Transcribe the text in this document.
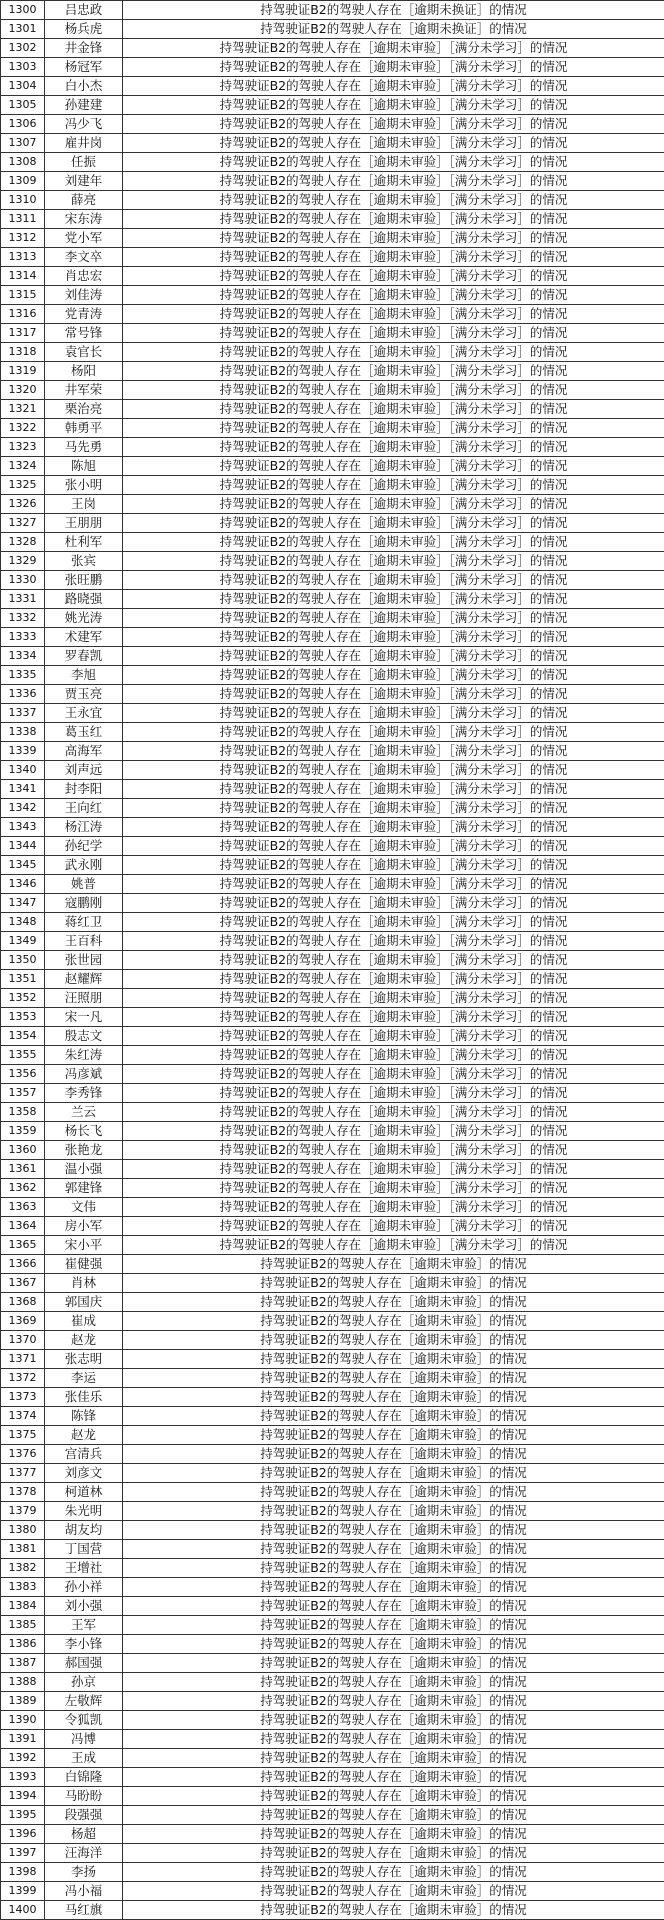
1300	吕忠政	持驾驶证B2的驾驶人存在［逾期未换证］的情况
1301	杨兵虎	持驾驶证B2的驾驶人存在［逾期未换证］的情况
1302	井金锋	持驾驶证B2的驾驶人存在［逾期未审验］［满分未学习］的情况
1303	杨冠军	持驾驶证B2的驾驶人存在［逾期未审验］［满分未学习］的情况
1304	白小杰	持驾驶证B2的驾驶人存在［逾期未审验］［满分未学习］的情况
1305	孙建建	持驾驶证B2的驾驶人存在［逾期未审验］［满分未学习］的情况
1306	冯少飞	持驾驶证B2的驾驶人存在［逾期未审验］［满分未学习］的情况
1307	雇井岗	持驾驶证B2的驾驶人存在［逾期未审验］［满分未学习］的情况
1308	任振	持驾驶证B2的驾驶人存在［逾期未审验］［满分未学习］的情况
1309	刘建年	持驾驶证B2的驾驶人存在［逾期未审验］［满分未学习］的情况
1310	薛亮	持驾驶证B2的驾驶人存在［逾期未审验］［满分未学习］的情况
1311	宋东涛	持驾驶证B2的驾驶人存在［逾期未审验］［满分未学习］的情况
1312	党小军	持驾驶证B2的驾驶人存在［逾期未审验］［满分未学习］的情况
1313	李文卒	持驾驶证B2的驾驶人存在［逾期未审验］［满分未学习］的情况
1314	肖忠宏	持驾驶证B2的驾驶人存在［逾期未审验］［满分未学习］的情况
1315	刘佳涛	持驾驶证B2的驾驶人存在［逾期未审验］［满分未学习］的情况
1316	党青涛	持驾驶证B2的驾驶人存在［逾期未审验］［满分未学习］的情况
1317	常号锋	持驾驶证B2的驾驶人存在［逾期未审验］［满分未学习］的情况
1318	袁官长	持驾驶证B2的驾驶人存在［逾期未审验］［满分未学习］的情况
1319	杨阳	持驾驶证B2的驾驶人存在［逾期未审验］［满分未学习］的情况
1320	井军荣	持驾驶证B2的驾驶人存在［逾期未审验］［满分未学习］的情况
1321	栗治亮	持驾驶证B2的驾驶人存在［逾期未审验］［满分未学习］的情况
1322	韩勇平	持驾驶证B2的驾驶人存在［逾期未审验］［满分未学习］的情况
1323	马先勇	持驾驶证B2的驾驶人存在［逾期未审验］［满分未学习］的情况
1324	陈旭	持驾驶证B2的驾驶人存在［逾期未审验］［满分未学习］的情况
1325	张小明	持驾驶证B2的驾驶人存在［逾期未审验］［满分未学习］的情况
1326	王岗	持驾驶证B2的驾驶人存在［逾期未审验］［满分未学习］的情况
1327	王朋朋	持驾驶证B2的驾驶人存在［逾期未审验］［满分未学习］的情况
1328	杜利军	持驾驶证B2的驾驶人存在［逾期未审验］［满分未学习］的情况
1329	张宾	持驾驶证B2的驾驶人存在［逾期未审验］［满分未学习］的情况
1330	张旺鹏	持驾驶证B2的驾驶人存在［逾期未审验］［满分未学习］的情况
1331	路晓强	持驾驶证B2的驾驶人存在［逾期未审验］［满分未学习］的情况
1332	姚光涛	持驾驶证B2的驾驶人存在［逾期未审验］［满分未学习］的情况
1333	术建军	持驾驶证B2的驾驶人存在［逾期未审验］［满分未学习］的情况
1334	罗春凯	持驾驶证B2的驾驶人存在［逾期未审验］［满分未学习］的情况
1335	李旭	持驾驶证B2的驾驶人存在［逾期未审验］［满分未学习］的情况
1336	贾玉亮	持驾驶证B2的驾驶人存在［逾期未审验］［满分未学习］的情况
1337	王永宜	持驾驶证B2的驾驶人存在［逾期未审验］［满分未学习］的情况
1338	葛玉红	持驾驶证B2的驾驶人存在［逾期未审验］［满分未学习］的情况
1339	高海军	持驾驶证B2的驾驶人存在［逾期未审验］［满分未学习］的情况
1340	刘声远	持驾驶证B2的驾驶人存在［逾期未审验］［满分未学习］的情况
1341	封李阳	持驾驶证B2的驾驶人存在［逾期未审验］［满分未学习］的情况
1342	王向红	持驾驶证B2的驾驶人存在［逾期未审验］［满分未学习］的情况
1343	杨江涛	持驾驶证B2的驾驶人存在［逾期未审验］［满分未学习］的情况
1344	孙纪学	持驾驶证B2的驾驶人存在［逾期未审验］［满分未学习］的情况
1345	武永刚	持驾驶证B2的驾驶人存在［逾期未审验］［满分未学习］的情况
1346	姚普	持驾驶证B2的驾驶人存在［逾期未审验］［满分未学习］的情况
1347	寇鹏刚	持驾驶证B2的驾驶人存在［逾期未审验］［满分未学习］的情况
1348	蒋红卫	持驾驶证B2的驾驶人存在［逾期未审验］［满分未学习］的情况
1349	王百科	持驾驶证B2的驾驶人存在［逾期未审验］［满分未学习］的情况
1350	张世园	持驾驶证B2的驾驶人存在［逾期未审验］［满分未学习］的情况
1351	赵耀辉	持驾驶证B2的驾驶人存在［逾期未审验］［满分未学习］的情况
1352	汪照朋	持驾驶证B2的驾驶人存在［逾期未审验］［满分未学习］的情况
1353	宋一凡	持驾驶证B2的驾驶人存在［逾期未审验］［满分未学习］的情况
1354	殷志文	持驾驶证B2的驾驶人存在［逾期未审验］［满分未学习］的情况
1355	朱红涛	持驾驶证B2的驾驶人存在［逾期未审验］［满分未学习］的情况
1356	冯彦斌	持驾驶证B2的驾驶人存在［逾期未审验］［满分未学习］的情况
1357	李秀锋	持驾驶证B2的驾驶人存在［逾期未审验］［满分未学习］的情况
1358	兰云	持驾驶证B2的驾驶人存在［逾期未审验］［满分未学习］的情况
1359	杨长飞	持驾驶证B2的驾驶人存在［逾期未审验］［满分未学习］的情况
1360	张艳龙	持驾驶证B2的驾驶人存在［逾期未审验］［满分未学习］的情况
1361	温小强	持驾驶证B2的驾驶人存在［逾期未审验］［满分未学习］的情况
1362	郭建锋	持驾驶证B2的驾驶人存在［逾期未审验］［满分未学习］的情况
1363	文伟	持驾驶证B2的驾驶人存在［逾期未审验］［满分未学习］的情况
1364	房小军	持驾驶证B2的驾驶人存在［逾期未审验］［满分未学习］的情况
1365	宋小平	持驾驶证B2的驾驶人存在［逾期未审验］［满分未学习］的情况
1366	崔健强	持驾驶证B2的驾驶人存在［逾期未审验］的情况
1367	肖林	持驾驶证B2的驾驶人存在［逾期未审验］的情况
1368	郭国庆	持驾驶证B2的驾驶人存在［逾期未审验］的情况
1369	崔成	持驾驶证B2的驾驶人存在［逾期未审验］的情况
1370	赵龙	持驾驶证B2的驾驶人存在［逾期未审验］的情况
1371	张志明	持驾驶证B2的驾驶人存在［逾期未审验］的情况
1372	李运	持驾驶证B2的驾驶人存在［逾期未审验］的情况
1373	张佳乐	持驾驶证B2的驾驶人存在［逾期未审验］的情况
1374	陈锋	持驾驶证B2的驾驶人存在［逾期未审验］的情况
1375	赵龙	持驾驶证B2的驾驶人存在［逾期未审验］的情况
1376	宫清兵	持驾驶证B2的驾驶人存在［逾期未审验］的情况
1377	刘彦文	持驾驶证B2的驾驶人存在［逾期未审验］的情况
1378	柯道林	持驾驶证B2的驾驶人存在［逾期未审验］的情况
1379	朱光明	持驾驶证B2的驾驶人存在［逾期未审验］的情况
1380	胡友均	持驾驶证B2的驾驶人存在［逾期未审验］的情况
1381	丁国营	持驾驶证B2的驾驶人存在［逾期未审验］的情况
1382	王增社	持驾驶证B2的驾驶人存在［逾期未审验］的情况
1383	孙小祥	持驾驶证B2的驾驶人存在［逾期未审验］的情况
1384	刘小强	持驾驶证B2的驾驶人存在［逾期未审验］的情况
1385	王军	持驾驶证B2的驾驶人存在［逾期未审验］的情况
1386	李小锋	持驾驶证B2的驾驶人存在［逾期未审验］的情况
1387	郝国强	持驾驶证B2的驾驶人存在［逾期未审验］的情况
1388	孙京	持驾驶证B2的驾驶人存在［逾期未审验］的情况
1389	左敬辉	持驾驶证B2的驾驶人存在［逾期未审验］的情况
1390	令狐凯	持驾驶证B2的驾驶人存在［逾期未审验］的情况
1391	冯博	持驾驶证B2的驾驶人存在［逾期未审验］的情况
1392	王成	持驾驶证B2的驾驶人存在［逾期未审验］的情况
1393	白锦隆	持驾驶证B2的驾驶人存在［逾期未审验］的情况
1394	马盼盼	持驾驶证B2的驾驶人存在［逾期未审验］的情况
1395	段强强	持驾驶证B2的驾驶人存在［逾期未审验］的情况
1396	杨超	持驾驶证B2的驾驶人存在［逾期未审验］的情况
1397	汪海洋	持驾驶证B2的驾驶人存在［逾期未审验］的情况
1398	李扬	持驾驶证B2的驾驶人存在［逾期未审验］的情况
1399	冯小福	持驾驶证B2的驾驶人存在［逾期未审验］的情况
1400	马红旗	持驾驶证B2的驾驶人存在［逾期未审验］的情况
